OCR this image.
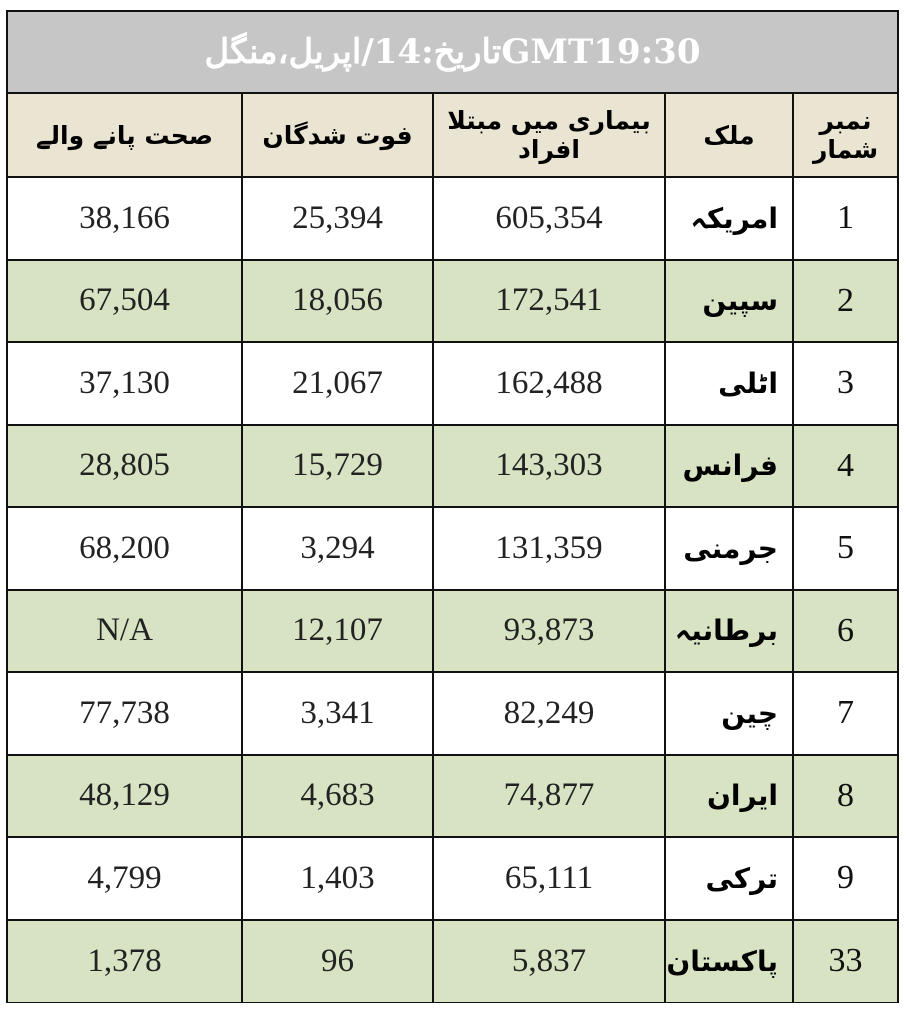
تاریخ:14/اپریل،منگلGMT19:30
صحت پانے والے	فوت شدگان	بیماری میں مبتلا افراد	ملک	نمبر شمار
38,166	25,394	605,354	امریکہ	1
67,504	18,056	172,541	سپین	2
37,130	21,067	162,488	اٹلی	3
28,805	15,729	143,303	فرانس	4
68,200	3,294	131,359	جرمنی	5
N/A	12,107	93,873	برطانیہ	6
77,738	3,341	82,249	چین	7
48,129	4,683	74,877	ایران	8
4,799	1,403	65,111	ترکی	9
1,378	96	5,837	پاکستان	33
